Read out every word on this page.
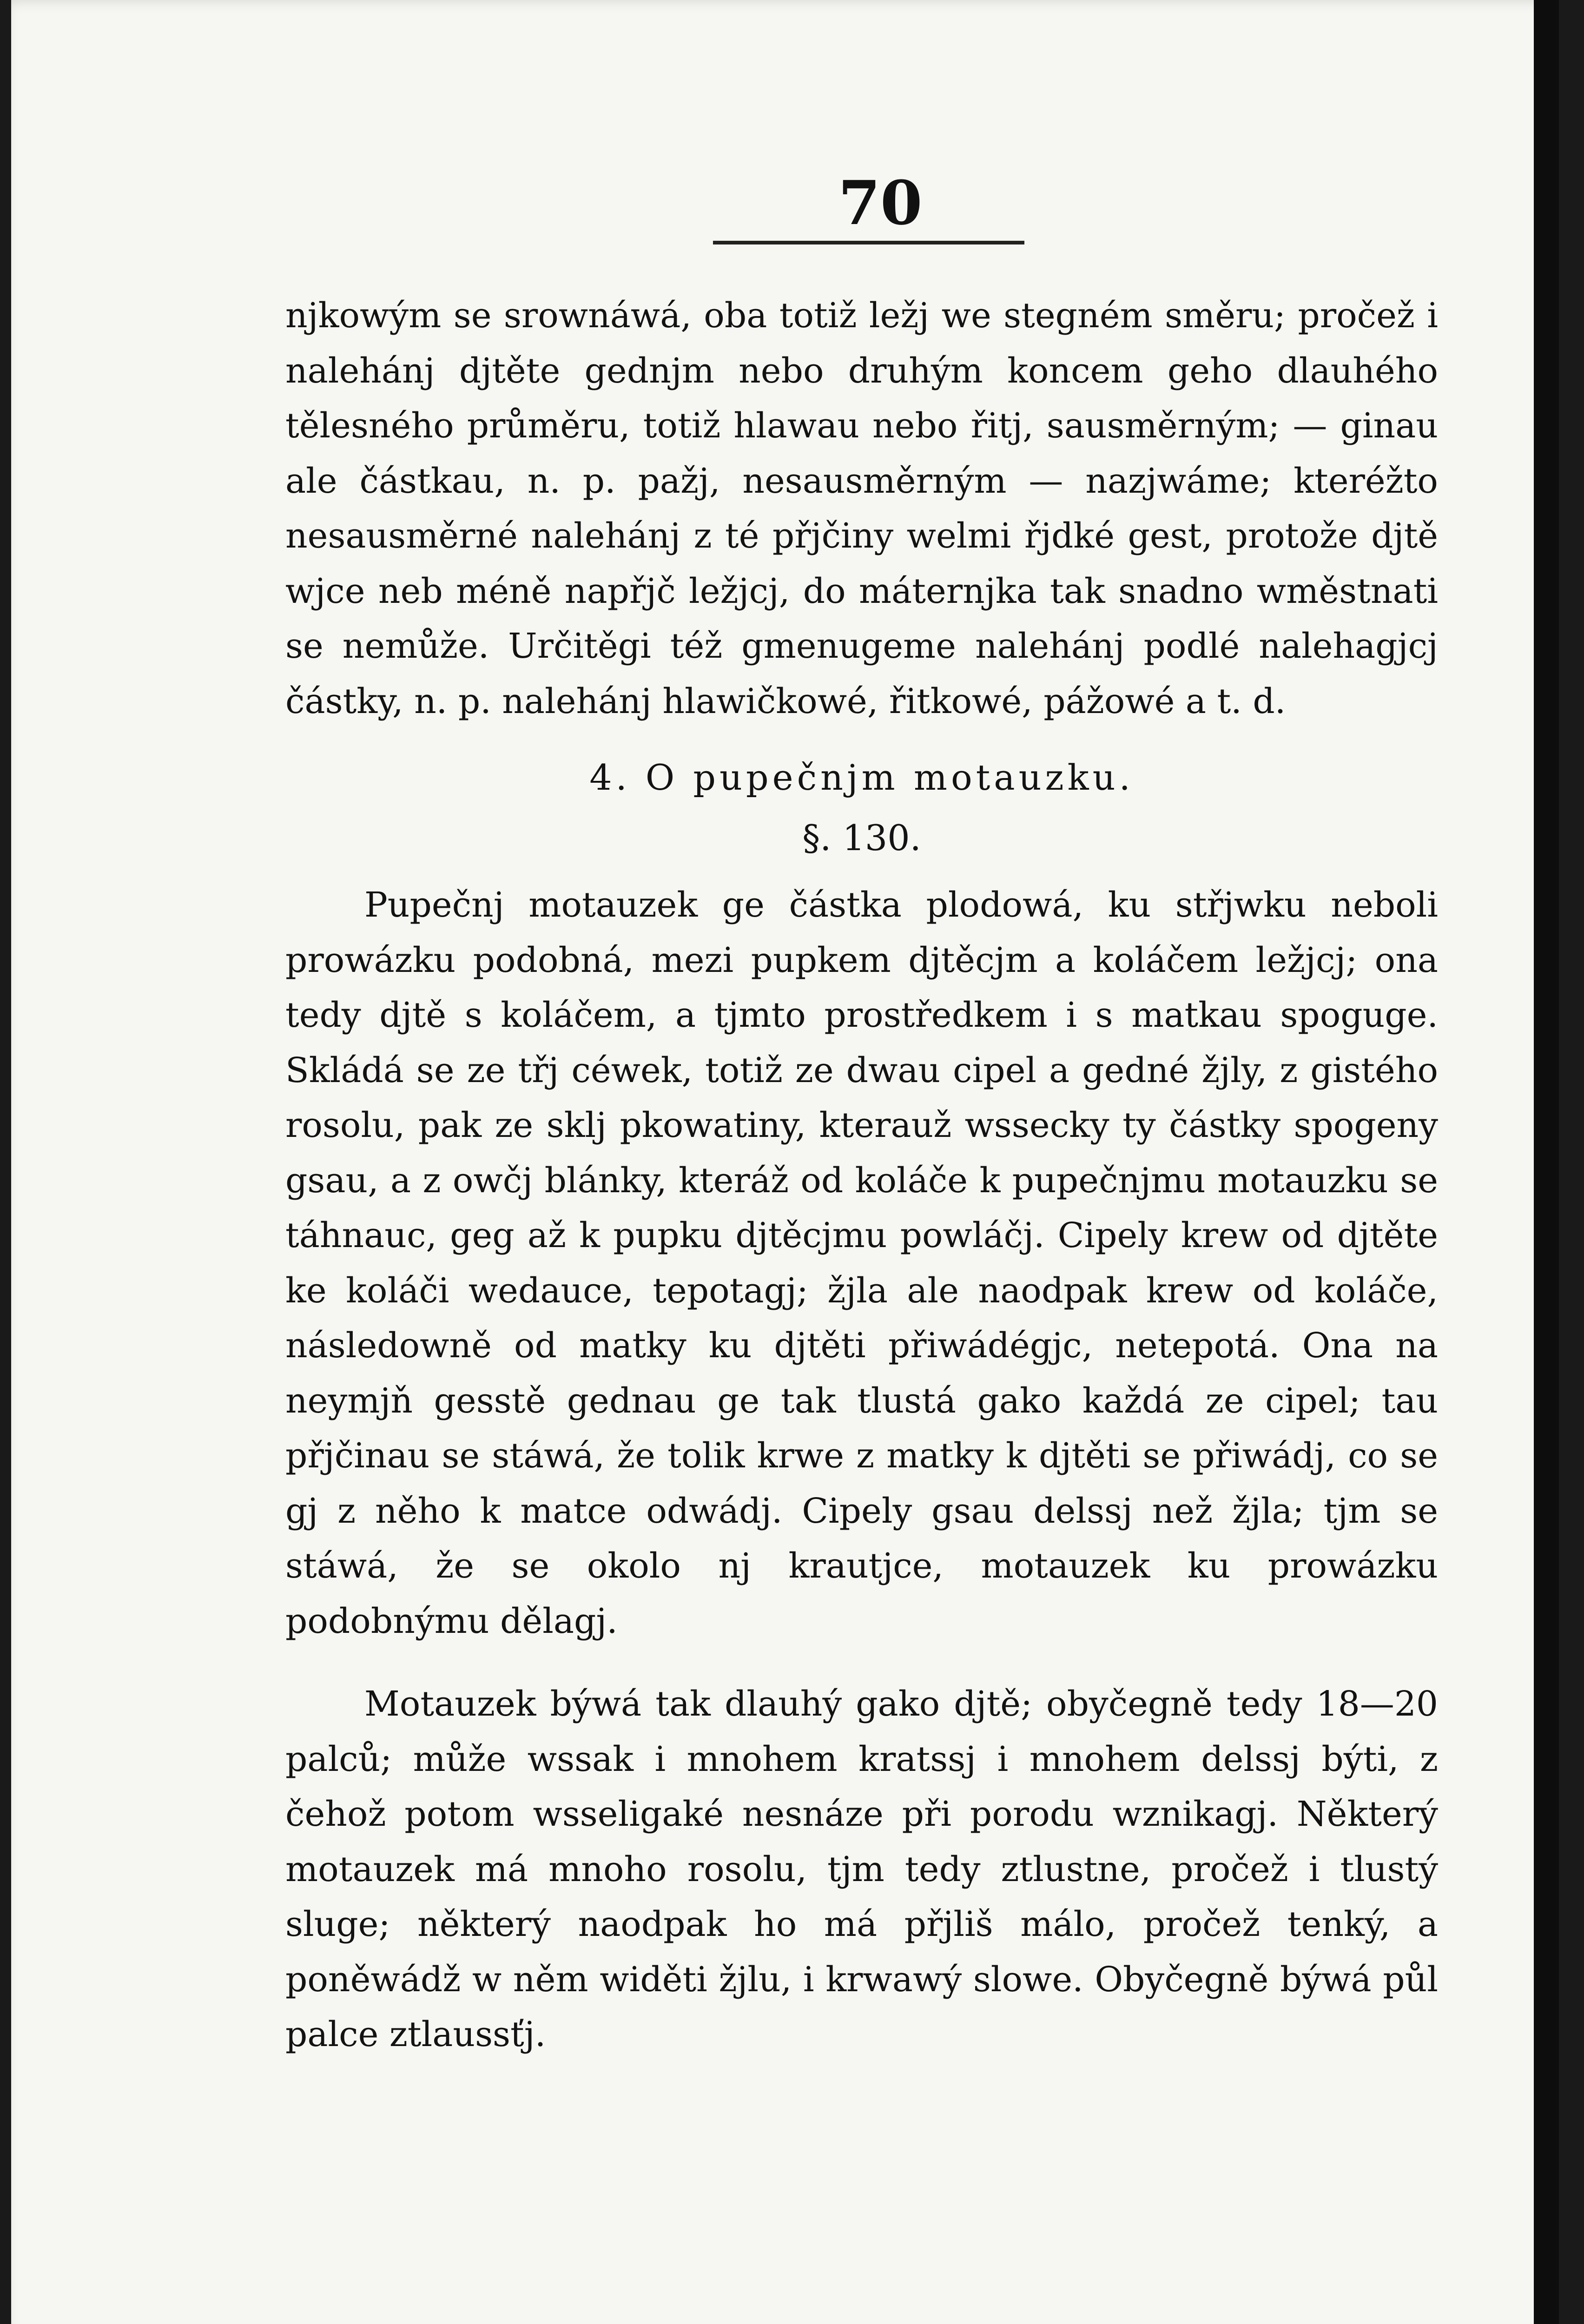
70

njkowým se srownáwá, oba totiž ležj we stegném směru; pročež i nalehánj djtěte gednjm nebo druhým koncem geho dlauhého tělesného průměru, totiž hlawau nebo řitj, sausměrným; — ginau ale částkau, n. p. pažj, nesausměrným — nazjwáme; kteréžto nesausměrné nalehánj z té přjčiny welmi řjdké gest, protože djtě wjce neb méně napřjč ležjcj, do máternjka tak snadno wměstnati se nemůže. Určitěgi též gmenugeme nalehánj podlé nalehagjcj částky, n. p. nalehánj hlawičkowé, řitkowé, pážowé a t. d.

4. O pupečnjm motauzku.

§. 130.

Pupečnj motauzek ge částka plodowá, ku střjwku neboli prowázku podobná, mezi pupkem djtěcjm a koláčem ležjcj; ona tedy djtě s koláčem, a tjmto prostředkem i s matkau spoguge. Skládá se ze třj céwek, totiž ze dwau cipel a gedné žjly, z gistého rosolu, pak ze sklj pkowatiny, kterauž wssecky ty částky spogeny gsau, a z owčj blánky, kteráž od koláče k pupečnjmu motauzku se táhnauc, geg až k pupku djtěcjmu powláčj. Cipely krew od djtěte ke koláči wedauce, tepotagj; žjla ale naodpak krew od koláče, následowně od matky ku djtěti přiwádégjc, netepotá. Ona na neymjň gesstě gednau ge tak tlustá gako každá ze cipel; tau přjčinau se stáwá, že tolik krwe z matky k djtěti se přiwádj, co se gj z něho k matce odwádj. Cipely gsau delssj než žjla; tjm se stáwá, že se okolo nj krautjce, motauzek ku prowázku podobnýmu dělagj.

Motauzek býwá tak dlauhý gako djtě; obyčegně tedy 18—20 palců; může wssak i mnohem kratssj i mnohem delssj býti, z čehož potom wsseligaké nesnáze při porodu wznikagj. Některý motauzek má mnoho rosolu, tjm tedy ztlustne, pročež i tlustý sluge; některý naodpak ho má přjliš málo, pročež tenký, a poněwádž w něm widěti žjlu, i krwawý slowe. Obyčegně býwá půl palce ztlaussťj.
